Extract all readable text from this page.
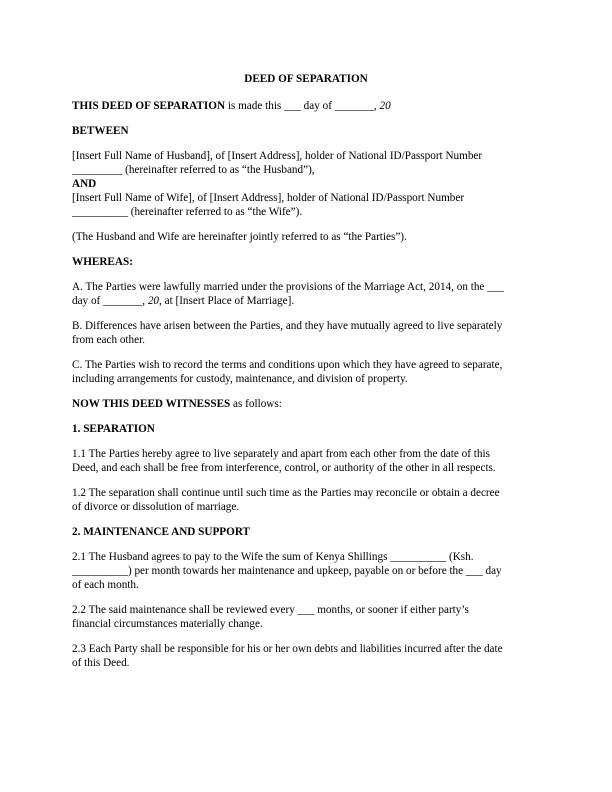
DEED OF SEPARATION

THIS DEED OF SEPARATION is made this ___ day of _______, 20

BETWEEN
[Insert Full Name of Husband], of [Insert Address], holder of National ID/Passport Number
_________ (hereinafter referred to as “the Husband”),
AND
[Insert Full Name of Wife], of [Insert Address], holder of National ID/Passport Number
__________ (hereinafter referred to as “the Wife”).

(The Husband and Wife are hereinafter jointly referred to as “the Parties”).

WHEREAS:
A. The Parties were lawfully married under the provisions of the Marriage Act, 2014, on the ___
day of _______, 20, at [Insert Place of Marriage].
B. Differences have arisen between the Parties, and they have mutually agreed to live separately
from each other.
C. The Parties wish to record the terms and conditions upon which they have agreed to separate,
including arrangements for custody, maintenance, and division of property.

NOW THIS DEED WITNESSES as follows:

1. SEPARATION
1.1 The Parties hereby agree to live separately and apart from each other from the date of this
Deed, and each shall be free from interference, control, or authority of the other in all respects.
1.2 The separation shall continue until such time as the Parties may reconcile or obtain a decree
of divorce or dissolution of marriage.
2. MAINTENANCE AND SUPPORT
2.1 The Husband agrees to pay to the Wife the sum of Kenya Shillings __________ (Ksh.
__________) per month towards her maintenance and upkeep, payable on or before the ___ day
of each month.
2.2 The said maintenance shall be reviewed every ___ months, or sooner if either party’s
financial circumstances materially change.
2.3 Each Party shall be responsible for his or her own debts and liabilities incurred after the date
of this Deed.
